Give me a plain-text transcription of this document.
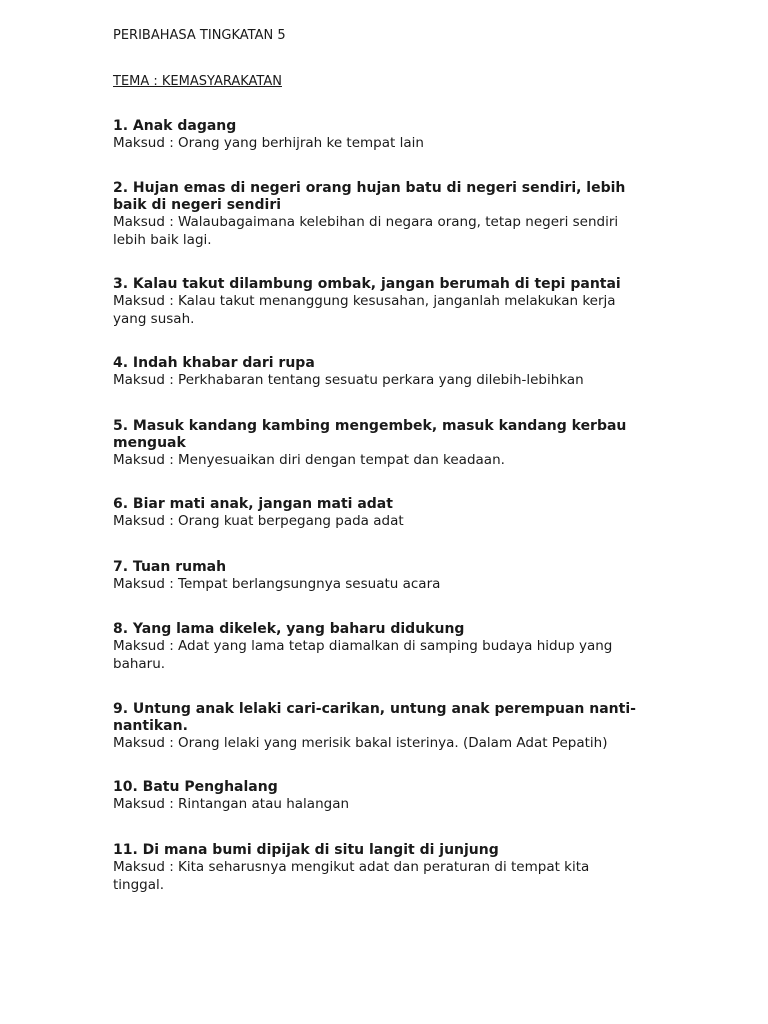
PERIBAHASA TINGKATAN 5
TEMA : KEMASYARAKATAN

1. Anak dagang

Maksud : Orang yang berhijrah ke tempat lain

2. Hujan emas di negeri orang hujan batu di negeri sendiri, lebih baik di negeri sendiri

Maksud : Walaubagaimana kelebihan di negara orang, tetap negeri sendiri lebih baik lagi.

3. Kalau takut dilambung ombak, jangan berumah di tepi pantai

Maksud : Kalau takut menanggung kesusahan, janganlah melakukan kerja yang susah.

4. Indah khabar dari rupa

Maksud : Perkhabaran tentang sesuatu perkara yang dilebih-lebihkan

5. Masuk kandang kambing mengembek, masuk kandang kerbau menguak

Maksud : Menyesuaikan diri dengan tempat dan keadaan.

6. Biar mati anak, jangan mati adat

Maksud : Orang kuat berpegang pada adat

7. Tuan rumah

Maksud : Tempat berlangsungnya sesuatu acara

8. Yang lama dikelek, yang baharu didukung

Maksud : Adat yang lama tetap diamalkan di samping budaya hidup yang baharu.

9. Untung anak lelaki cari-carikan, untung anak perempuan nanti-nantikan.

Maksud : Orang lelaki yang merisik bakal isterinya. (Dalam Adat Pepatih)

10. Batu Penghalang

Maksud : Rintangan atau halangan

11. Di mana bumi dipijak di situ langit di junjung

Maksud : Kita seharusnya mengikut adat dan peraturan di tempat kita tinggal.
